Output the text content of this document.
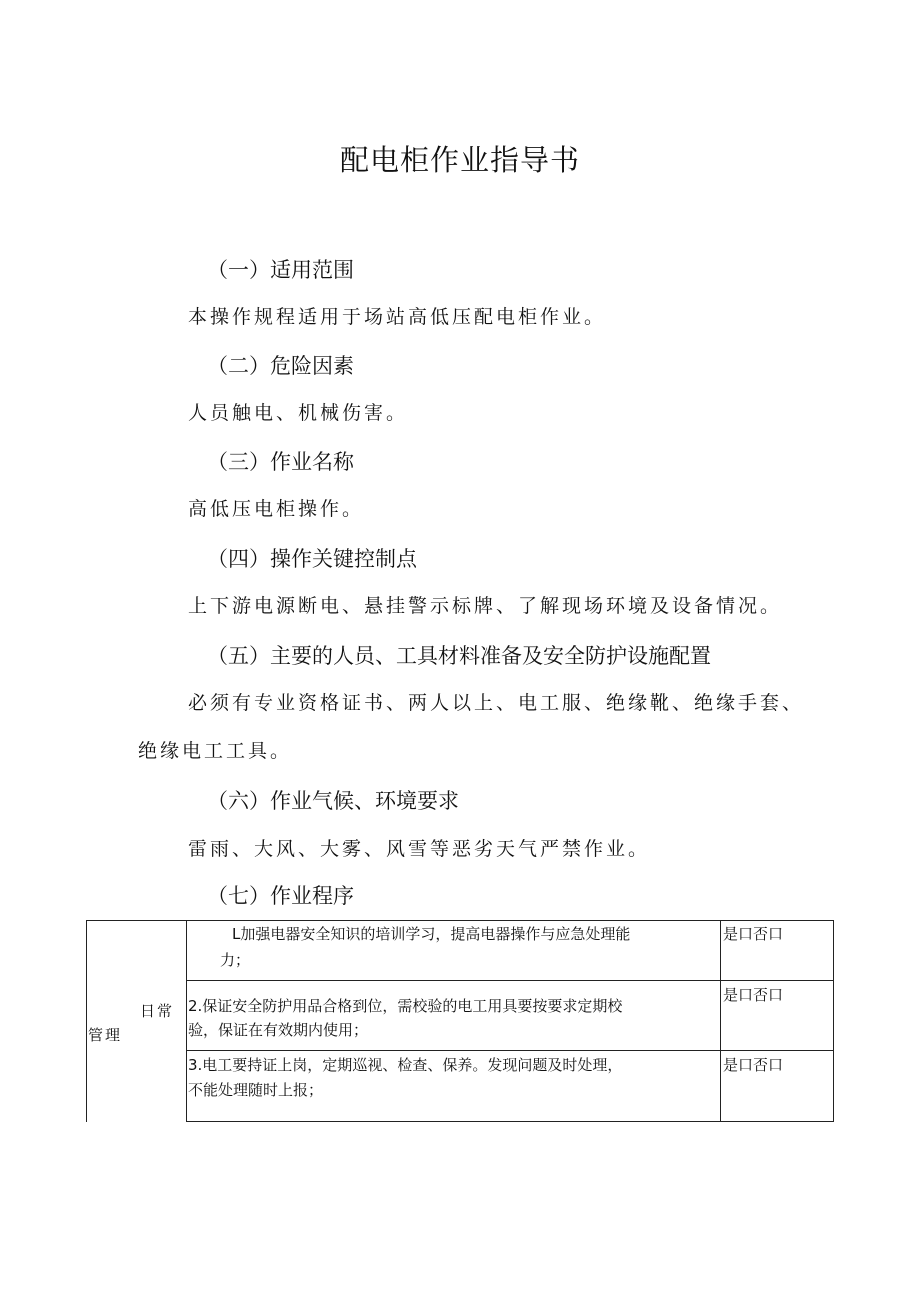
配电柜作业指导书
（一）适用范围
本操作规程适用于场站高低压配电柜作业。
（二）危险因素
人员触电、机械伤害。
（三）作业名称
高低压电柜操作。
（四）操作关键控制点
上下游电源断电、悬挂警示标牌、了解现场环境及设备情况。
（五）主要的人员、工具材料准备及安全防护设施配置
必须有专业资格证书、两人以上、电工服、绝缘靴、绝缘手套、
绝缘电工工具。
（六）作业气候、环境要求
雷雨、大风、大雾、风雪等恶劣天气严禁作业。
（七）作业程序
日常
管理
L加强电器安全知识的培训学习，提高电器操作与应急处理能
力；
是口否口
2.保证安全防护用品合格到位，需校验的电工用具要按要求定期校
验，保证在有效期内使用；
是口否口
3.电工要持证上岗，定期巡视、检查、保养。发现问题及时处理，
不能处理随时上报；
是口否口
